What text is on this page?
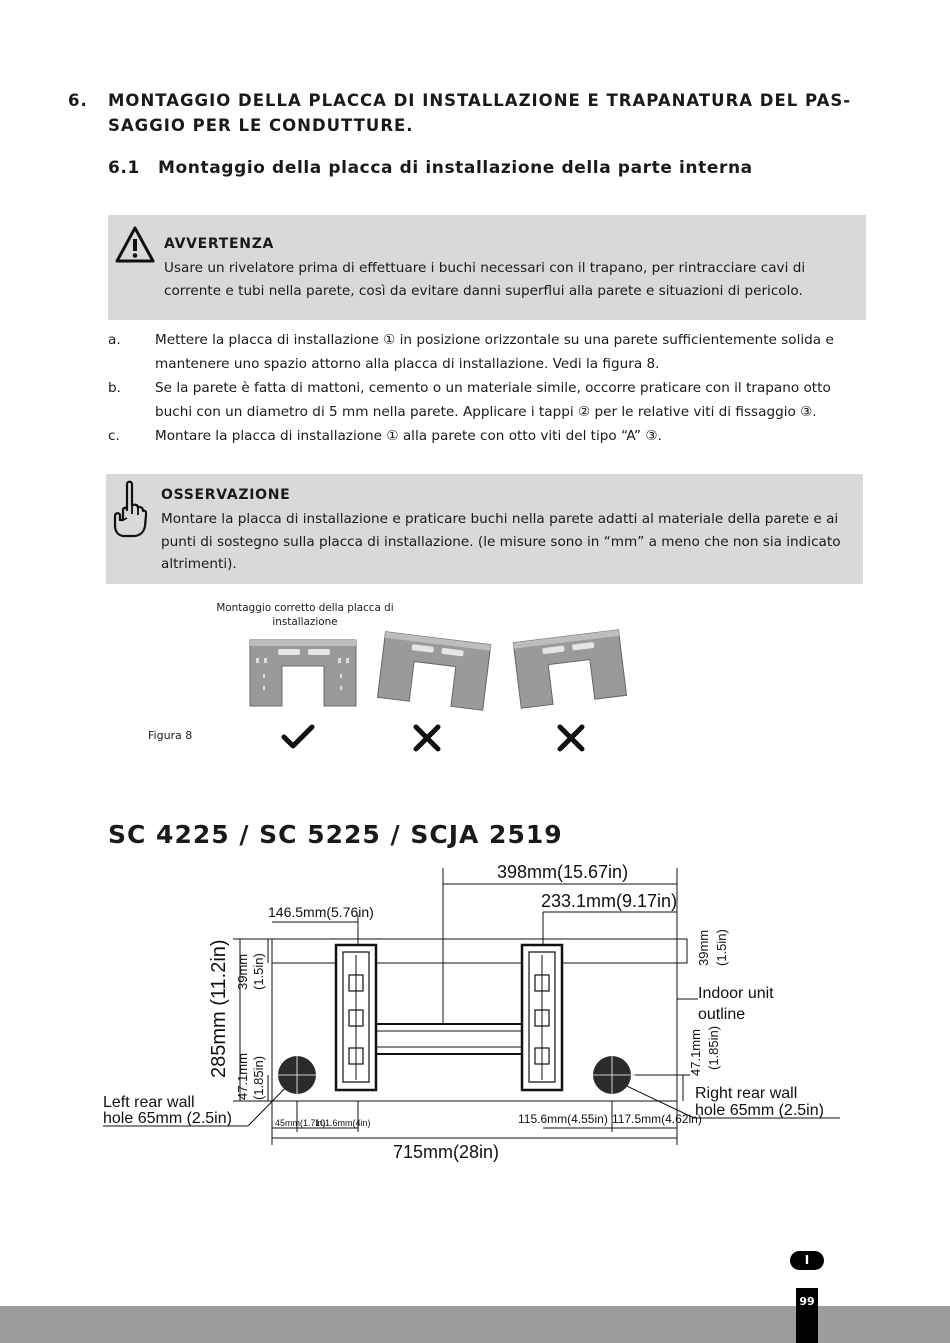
6. MONTAGGIO DELLA PLACCA DI INSTALLAZIONE E TRAPANATURA DEL PAS-SAGGIO PER LE CONDUTTURE.
6.1 Montaggio della placca di installazione della parte interna
AVVERTENZA
Usare un rivelatore prima di effettuare i buchi necessari con il trapano, per rintracciare cavi di corrente e tubi nella parete, così da evitare danni superflui alla parete e situazioni di pericolo.
a.	Mettere la placca di installazione ① in posizione orizzontale su una parete sufficientemente solida e mantenere uno spazio attorno alla placca di installazione. Vedi la figura 8.
b.	Se la parete è fatta di mattoni, cemento o un materiale simile, occorre praticare con il trapano otto buchi con un diametro di 5 mm nella parete. Applicare i tappi ② per le relative viti di fissaggio ③.
c.	Montare la placca di installazione ① alla parete con otto viti del tipo “A” ③.
OSSERVAZIONE
Montare la placca di installazione e praticare buchi nella parete adatti al materiale della parete e ai punti di sostegno sulla placca di installazione. (le misure sono in “mm” a meno che non sia indicato altrimenti).
Montaggio corretto della placca di installazione
Figura 8
SC 4225 / SC 5225 / SCJA 2519
398mm(15.67in)
233.1mm(9.17in)
146.5mm(5.76in)
285mm (11.2in) 39mm (1.5in)
47.1mm (1.85in)
39mm (1.5in)
47.1mm (1.85in)
Indoor unit
outline
Left rear wall
hole 65mm (2.5in)
Right rear wall
hole 65mm (2.5in)
45mm(1.7in)
101.6mm(4in)	115.6mm(4.55in) 117.5mm(4.62in)
715mm(28in)
I
99
